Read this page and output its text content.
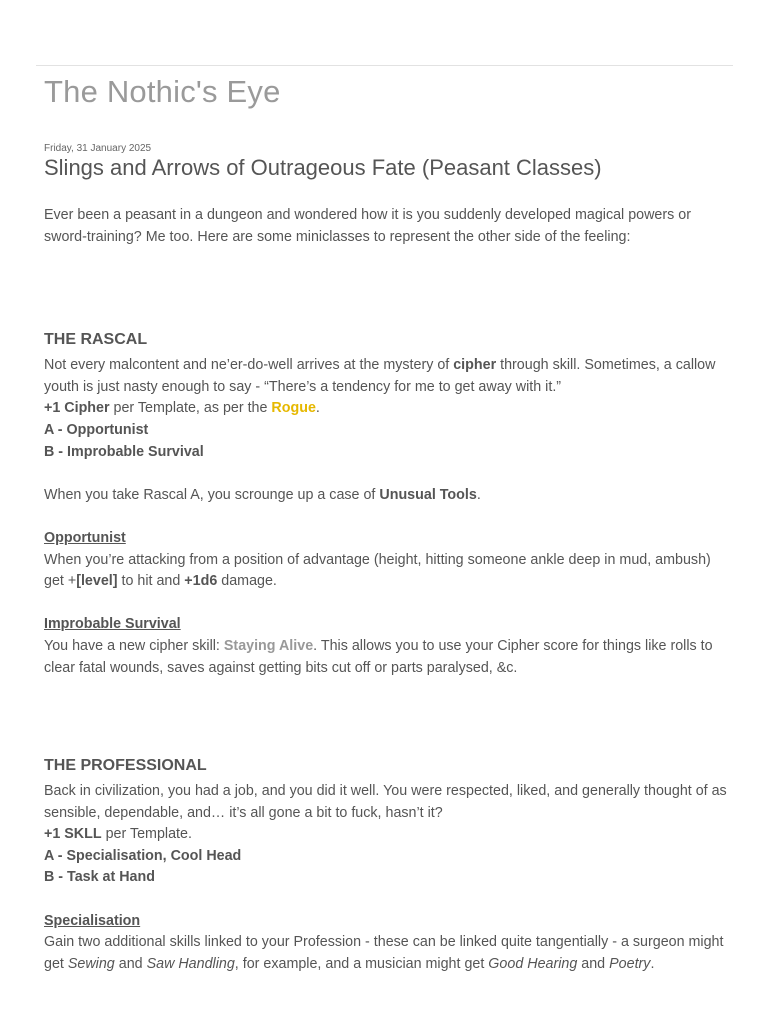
The Nothic's Eye
Friday, 31 January 2025
Slings and Arrows of Outrageous Fate (Peasant Classes)

Ever been a peasant in a dungeon and wondered how it is you suddenly developed magical powers or sword-training? Me too. Here are some miniclasses to represent the other side of the feeling:

THE RASCAL

Not every malcontent and ne’er-do-well arrives at the mystery of cipher through skill. Sometimes, a callow youth is just nasty enough to say - “There’s a tendency for me to get away with it.”

+1 Cipher per Template, as per the Rogue.

A - Opportunist

B - Improbable Survival

When you take Rascal A, you scrounge up a case of Unusual Tools.

Opportunist

When you’re attacking from a position of advantage (height, hitting someone ankle deep in mud, ambush) get +[level] to hit and +1d6 damage.

Improbable Survival

You have a new cipher skill: Staying Alive. This allows you to use your Cipher score for things like rolls to clear fatal wounds, saves against getting bits cut off or parts paralysed, &c.

THE PROFESSIONAL

Back in civilization, you had a job, and you did it well. You were respected, liked, and generally thought of as sensible, dependable, and… it’s all gone a bit to fuck, hasn’t it?

+1 SKLL per Template.

A - Specialisation, Cool Head

B - Task at Hand

Specialisation

Gain two additional skills linked to your Profession - these can be linked quite tangentially - a surgeon might get Sewing and Saw Handling, for example, and a musician might get Good Hearing and Poetry.
